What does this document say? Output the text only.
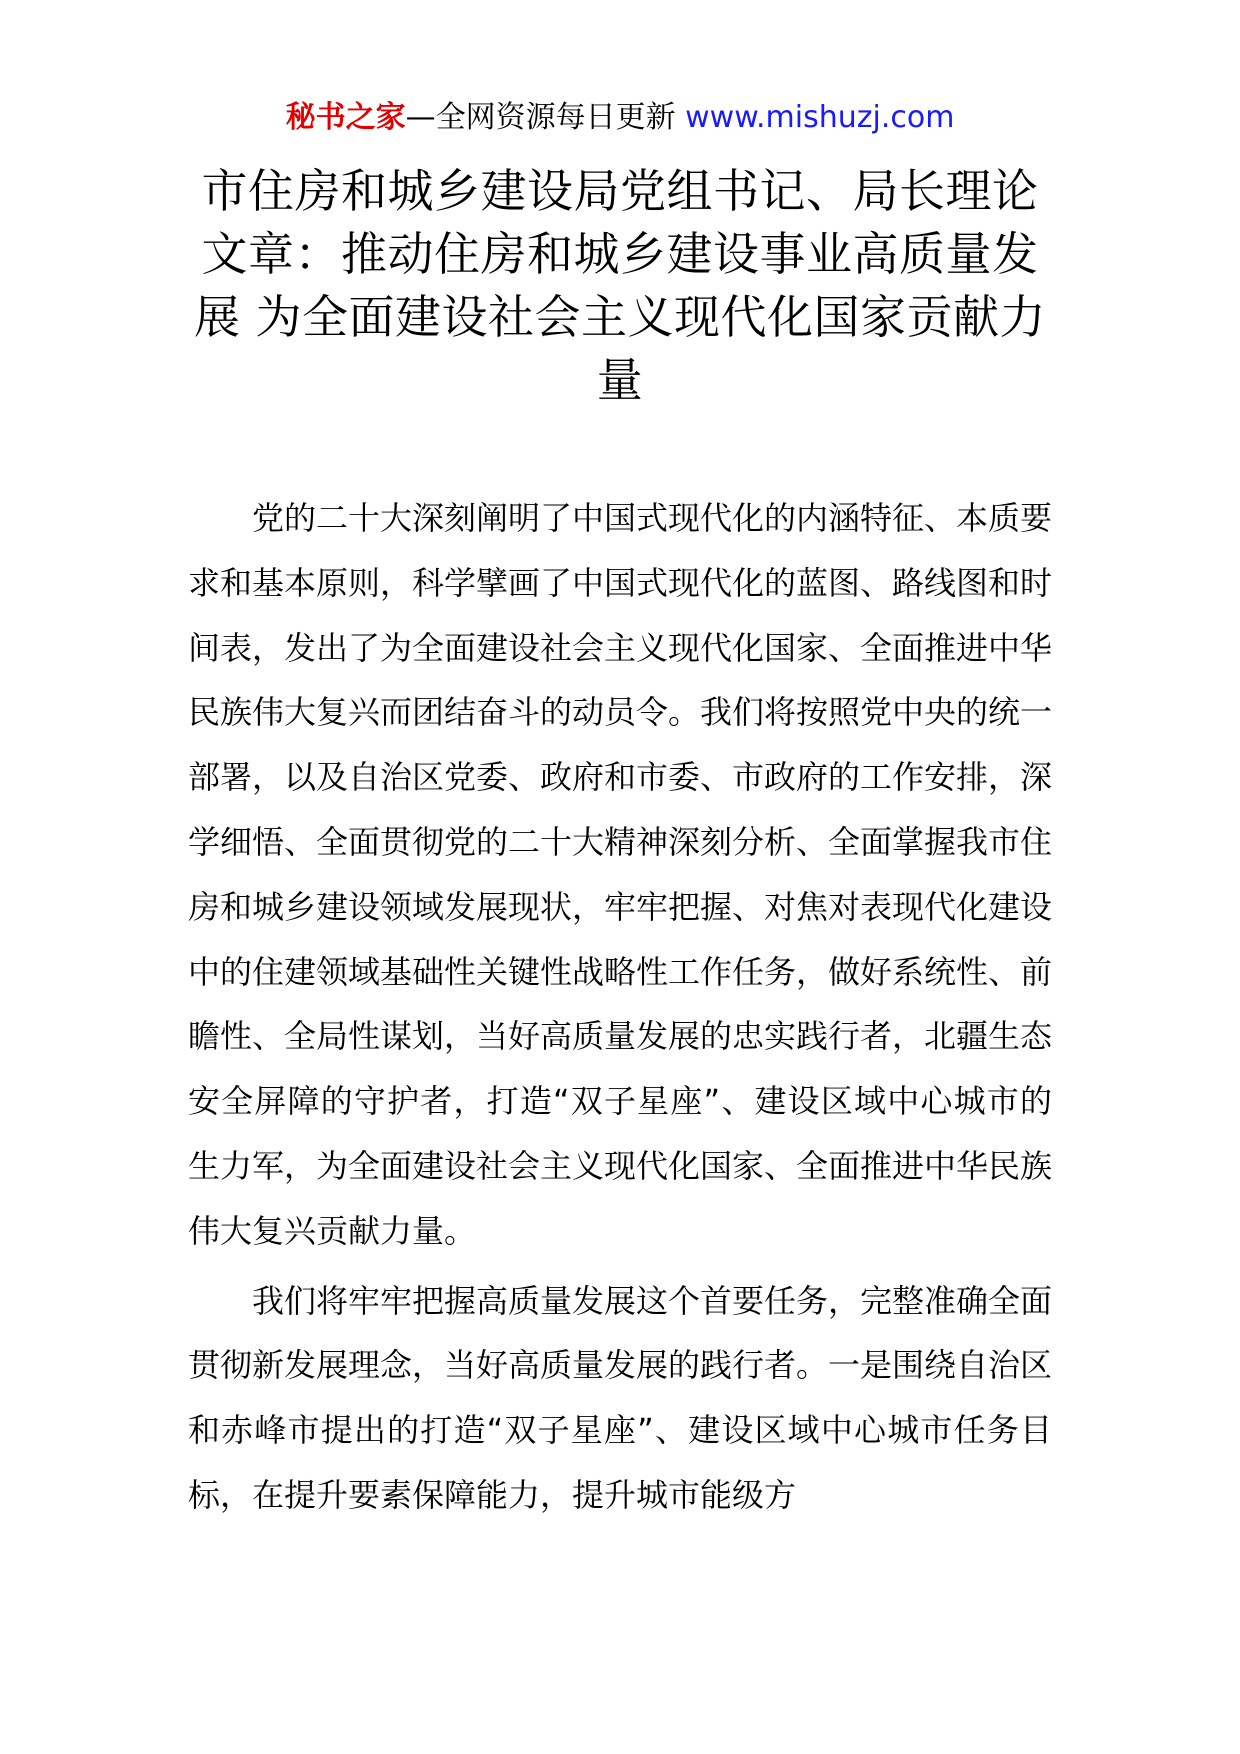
秘书之家—全网资源每日更新 www.mishuzj.com
市住房和城乡建设局党组书记、局长理论文章：推动住房和城乡建设事业高质量发展 为全面建设社会主义现代化国家贡献力量

党的二十大深刻阐明了中国式现代化的内涵特征、本质要求和基本原则，科学擘画了中国式现代化的蓝图、路线图和时间表，发出了为全面建设社会主义现代化国家、全面推进中华民族伟大复兴而团结奋斗的动员令。我们将按照党中央的统一部署，以及自治区党委、政府和市委、市政府的工作安排，深学细悟、全面贯彻党的二十大精神深刻分析、全面掌握我市住房和城乡建设领域发展现状，牢牢把握、对焦对表现代化建设中的住建领域基础性关键性战略性工作任务，做好系统性、前瞻性、全局性谋划，当好高质量发展的忠实践行者，北疆生态安全屏障的守护者，打造“双子星座”、建设区域中心城市的生力军，为全面建设社会主义现代化国家、全面推进中华民族伟大复兴贡献力量。

我们将牢牢把握高质量发展这个首要任务，完整准确全面贯彻新发展理念，当好高质量发展的践行者。一是围绕自治区和赤峰市提出的打造“双子星座”、建设区域中心城市任务目标，在提升要素保障能力，提升城市能级方
